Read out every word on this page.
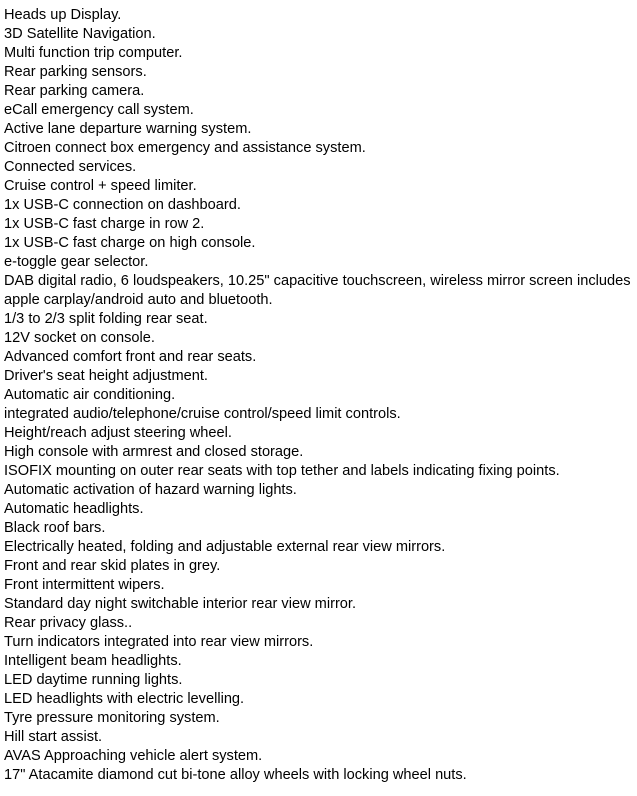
Heads up Display.
3D Satellite Navigation.
Multi function trip computer.
Rear parking sensors.
Rear parking camera.
eCall emergency call system.
Active lane departure warning system.
Citroen connect box emergency and assistance system.
Connected services.
Cruise control + speed limiter.
1x USB-C connection on dashboard.
1x USB-C fast charge in row 2.
1x USB-C fast charge on high console.
e-toggle gear selector.
DAB digital radio, 6 loudspeakers, 10.25" capacitive touchscreen, wireless mirror screen includes apple carplay/android auto and bluetooth.
1/3 to 2/3 split folding rear seat.
12V socket on console.
Advanced comfort front and rear seats.
Driver's seat height adjustment.
Automatic air conditioning.
integrated audio/telephone/cruise control/speed limit controls.
Height/reach adjust steering wheel.
High console with armrest and closed storage.
ISOFIX mounting on outer rear seats with top tether and labels indicating fixing points.
Automatic activation of hazard warning lights.
Automatic headlights.
Black roof bars.
Electrically heated, folding and adjustable external rear view mirrors.
Front and rear skid plates in grey.
Front intermittent wipers.
Standard day night switchable interior rear view mirror.
Rear privacy glass..
Turn indicators integrated into rear view mirrors.
Intelligent beam headlights.
LED daytime running lights.
LED headlights with electric levelling.
Tyre pressure monitoring system.
Hill start assist.
AVAS Approaching vehicle alert system.
17" Atacamite diamond cut bi-tone alloy wheels with locking wheel nuts.
